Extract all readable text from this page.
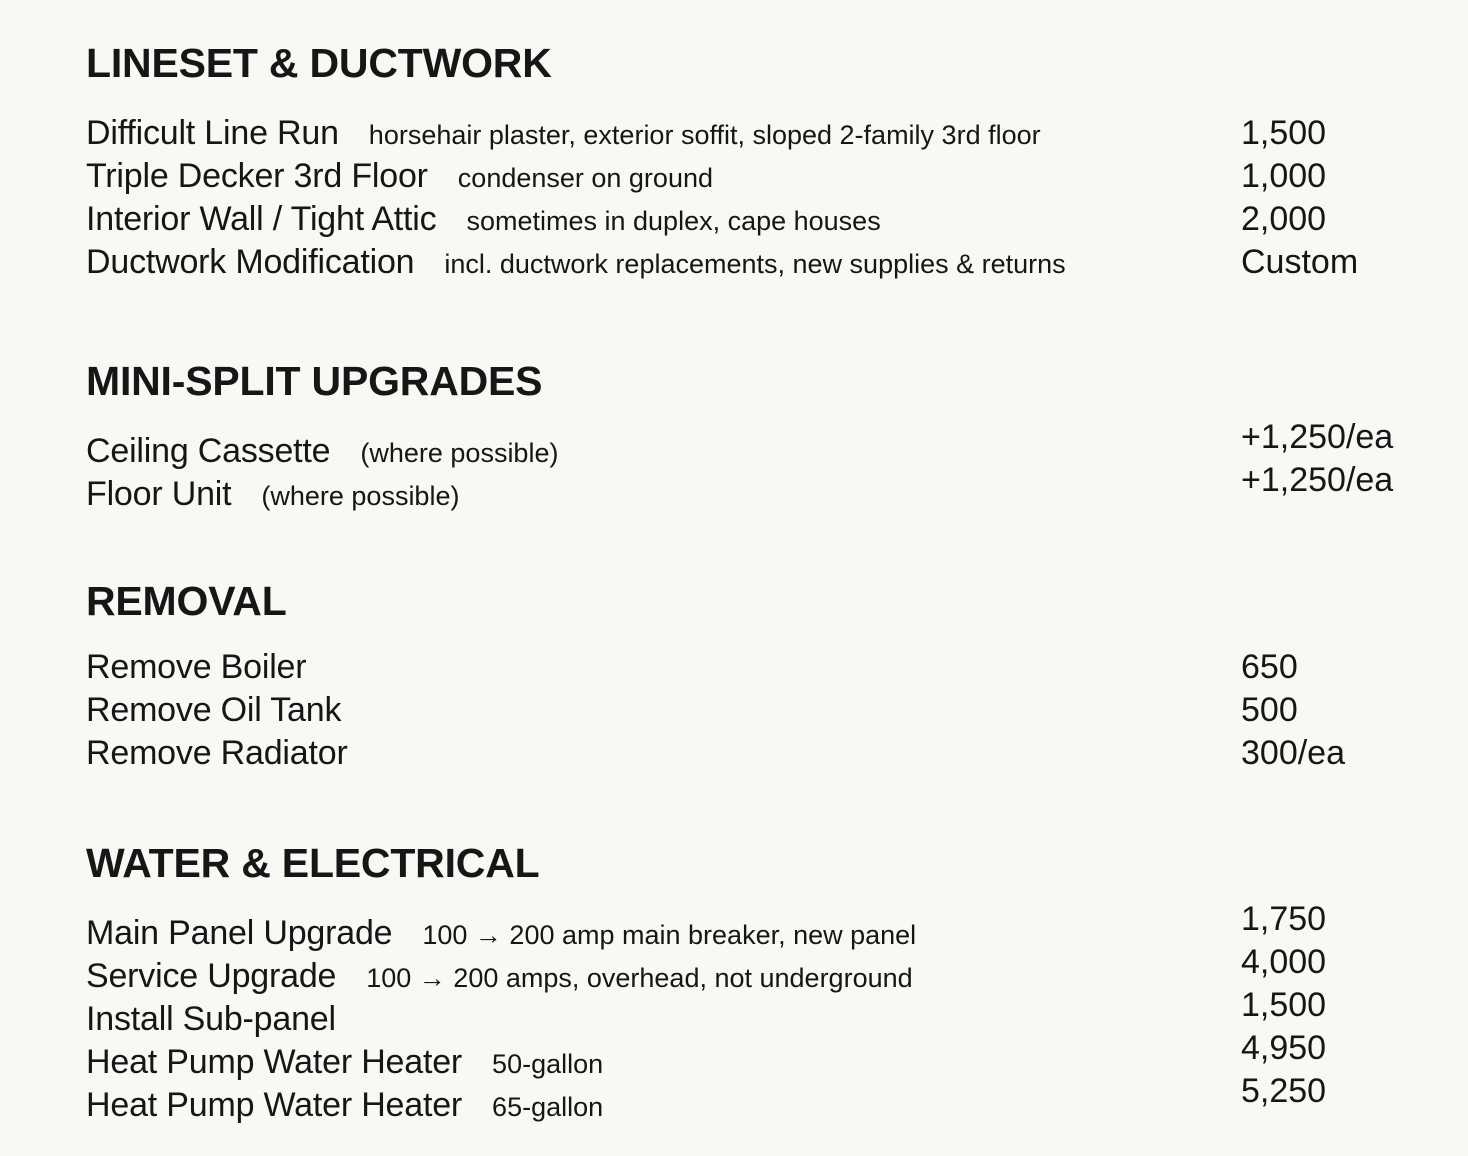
LINESET & DUCTWORK
Difficult Line Run horsehair plaster, exterior soffit, sloped 2-family 3rd floor	1,500
Triple Decker 3rd Floor condenser on ground	1,000
Interior Wall / Tight Attic sometimes in duplex, cape houses	2,000
Ductwork Modification incl. ductwork replacements, new supplies & returns	Custom
MINI-SPLIT UPGRADES
Ceiling Cassette (where possible)	+1,250/ea
Floor Unit (where possible)	+1,250/ea
REMOVAL
Remove Boiler	650
Remove Oil Tank	500
Remove Radiator	300/ea
WATER & ELECTRICAL
Main Panel Upgrade 100 → 200 amp main breaker, new panel	1,750
Service Upgrade 100 → 200 amps, overhead, not underground	4,000
Install Sub-panel	1,500
Heat Pump Water Heater 50-gallon	4,950
Heat Pump Water Heater 65-gallon	5,250
